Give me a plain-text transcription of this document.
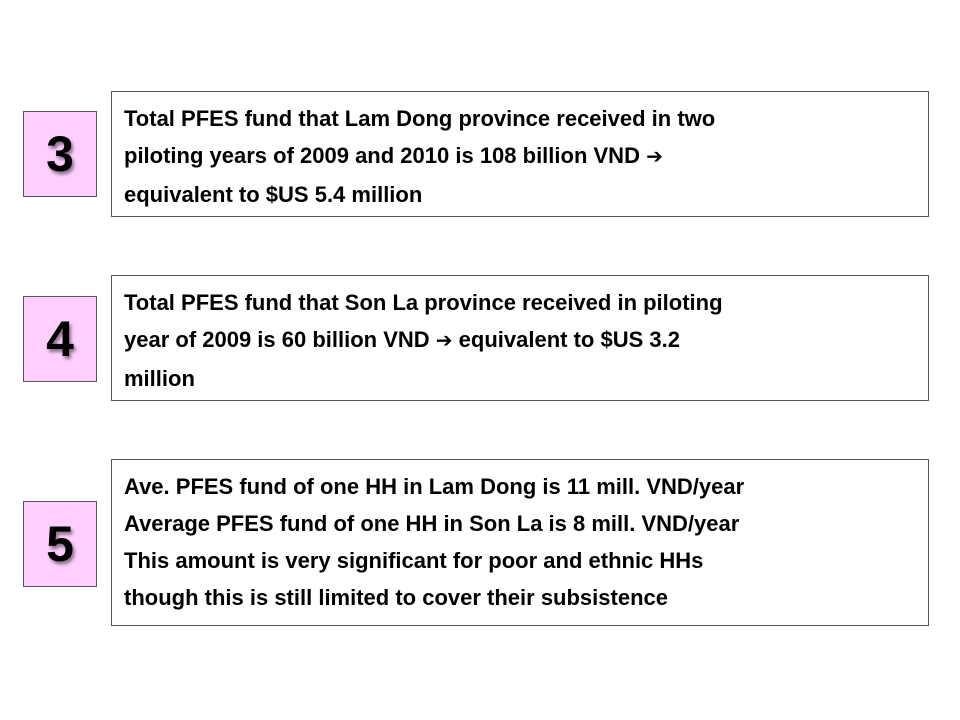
3
Total PFES fund that Lam Dong province received in two
piloting years of 2009 and 2010 is 108 billion VND ➔
equivalent to $US 5.4 million
4
Total PFES fund that Son La province received in piloting
year of 2009 is 60 billion VND ➔ equivalent to $US 3.2
million
5
Ave. PFES fund of one HH in Lam Dong is 11 mill. VND/year
Average PFES fund of one HH in Son La is 8 mill. VND/year
This amount is very significant for poor and ethnic HHs
though this is still limited to cover their subsistence
